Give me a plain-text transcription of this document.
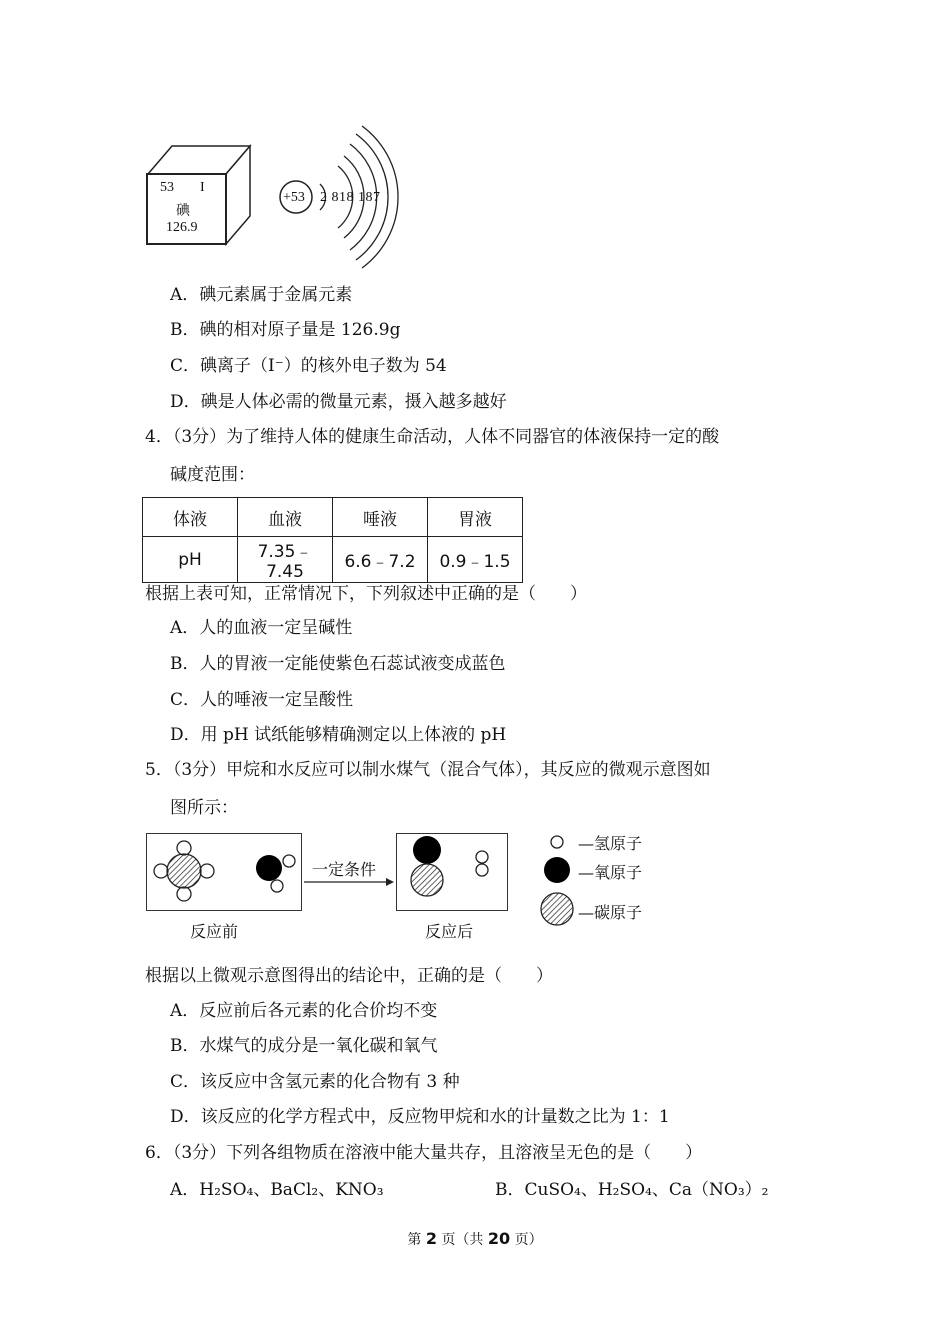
53 I
碘
126.9
+53 2 818 187
A．碘元素属于金属元素
B．碘的相对原子量是 126.9g
C．碘离子（I⁻）的核外电子数为 54
D．碘是人体必需的微量元素，摄入越多越好
4．（3分）为了维持人体的健康生命活动，人体不同器官的体液保持一定的酸
碱度范围：
体液	血液	唾液	胃液
pH	7.35﹣7.45	6.6﹣7.2	0.9﹣1.5
根据上表可知，正常情况下，下列叙述中正确的是（　　）
A．人的血液一定呈碱性
B．人的胃液一定能使紫色石蕊试液变成蓝色
C．人的唾液一定呈酸性
D．用 pH 试纸能够精确测定以上体液的 pH
5．（3分）甲烷和水反应可以制水煤气（混合气体），其反应的微观示意图如
图所示：
一定条件
反应前	反应后
—氢原子
—氧原子
—碳原子
根据以上微观示意图得出的结论中，正确的是（　　）
A．反应前后各元素的化合价均不变
B．水煤气的成分是一氧化碳和氧气
C．该反应中含氢元素的化合物有 3 种
D．该反应的化学方程式中，反应物甲烷和水的计量数之比为 1：1
6．（3分）下列各组物质在溶液中能大量共存，且溶液呈无色的是（　　）
A．H₂SO₄、BaCl₂、KNO₃	B．CuSO₄、H₂SO₄、Ca（NO₃）₂
第 2 页（共 20 页）
